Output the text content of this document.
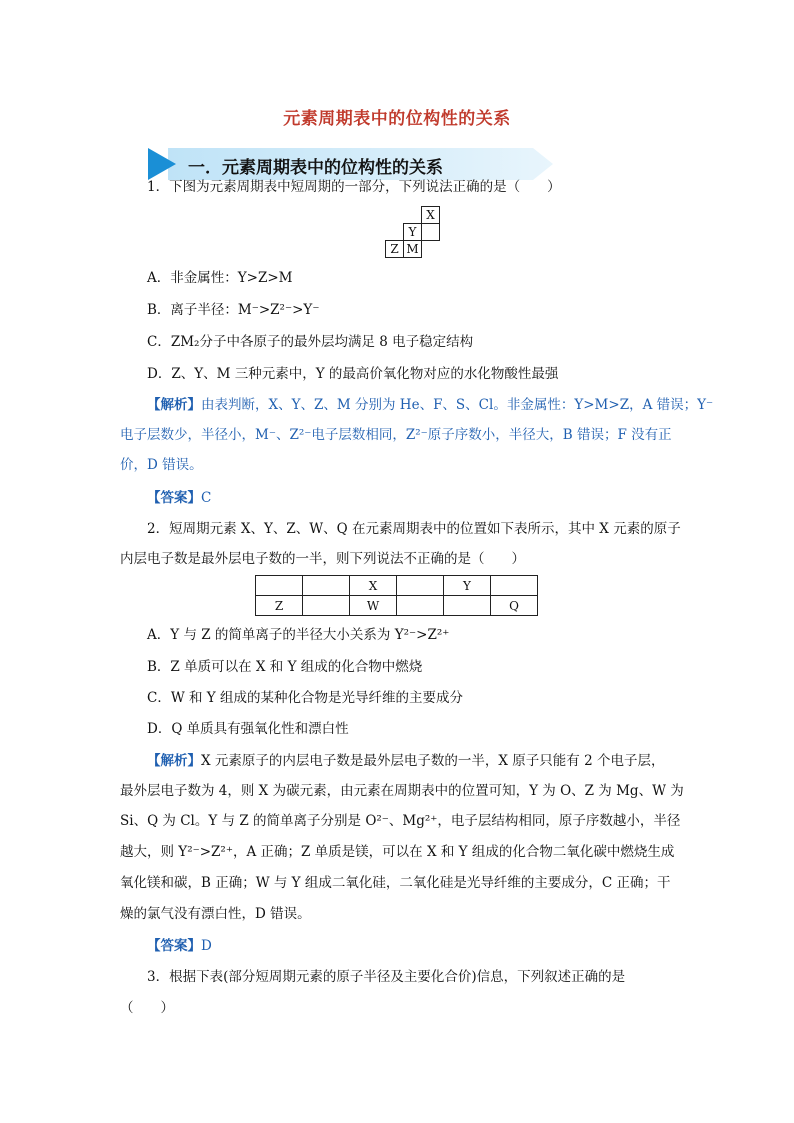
元素周期表中的位构性的关系
一．元素周期表中的位构性的关系
1．下图为元素周期表中短周期的一部分，下列说法正确的是（　　）
		X
	Y	
Z	M	
A．非金属性：Y>Z>M
B．离子半径：M⁻>Z²⁻>Y⁻
C．ZM₂分子中各原子的最外层均满足 8 电子稳定结构
D．Z、Y、M 三种元素中，Y 的最高价氧化物对应的水化物酸性最强
【解析】由表判断，X、Y、Z、M 分别为 He、F、S、Cl。非金属性：Y>M>Z，A 错误；Y⁻
电子层数少，半径小，M⁻、Z²⁻电子层数相同，Z²⁻原子序数小，半径大，B 错误；F 没有正
价，D 错误。
【答案】C
2．短周期元素 X、Y、Z、W、Q 在元素周期表中的位置如下表所示，其中 X 元素的原子
内层电子数是最外层电子数的一半，则下列说法不正确的是（　　）
		X		Y	
Z		W			Q
A．Y 与 Z 的简单离子的半径大小关系为 Y²⁻>Z²⁺
B．Z 单质可以在 X 和 Y 组成的化合物中燃烧
C．W 和 Y 组成的某种化合物是光导纤维的主要成分
D．Q 单质具有强氧化性和漂白性
【解析】X 元素原子的内层电子数是最外层电子数的一半，X 原子只能有 2 个电子层，
最外层电子数为 4，则 X 为碳元素，由元素在周期表中的位置可知，Y 为 O、Z 为 Mg、W 为
Si、Q 为 Cl。Y 与 Z 的简单离子分别是 O²⁻、Mg²⁺，电子层结构相同，原子序数越小，半径
越大，则 Y²⁻>Z²⁺，A 正确；Z 单质是镁，可以在 X 和 Y 组成的化合物二氧化碳中燃烧生成
氧化镁和碳，B 正确；W 与 Y 组成二氧化硅，二氧化硅是光导纤维的主要成分，C 正确；干
燥的氯气没有漂白性，D 错误。
【答案】D
3．根据下表(部分短周期元素的原子半径及主要化合价)信息，下列叙述正确的是
（　　）
